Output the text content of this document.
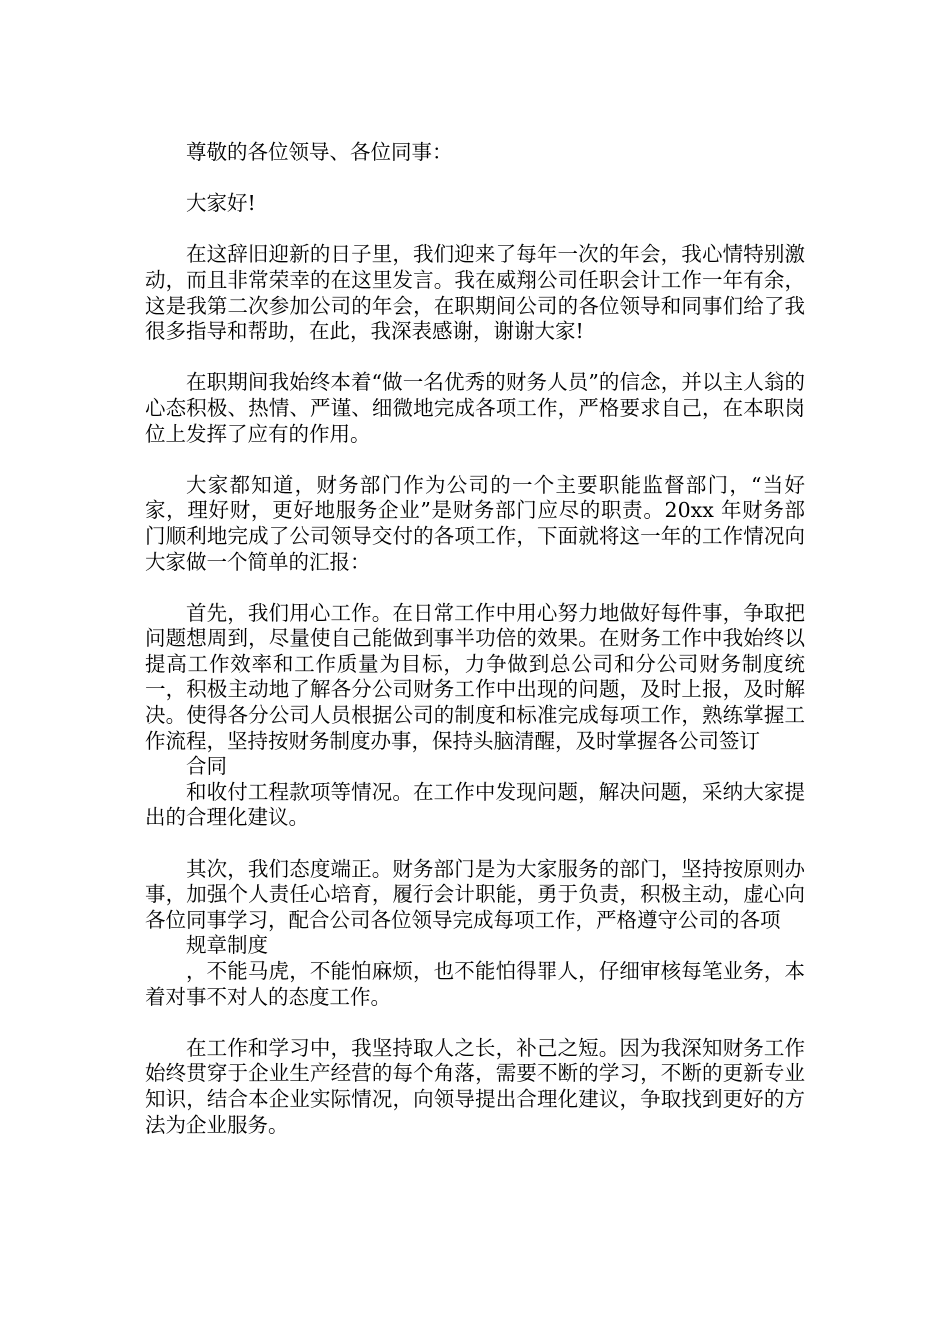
尊敬的各位领导、各位同事：

大家好!

在这辞旧迎新的日子里，我们迎来了每年一次的年会，我心情特别激动，而且非常荣幸的在这里发言。我在威翔公司任职会计工作一年有余，这是我第二次参加公司的年会，在职期间公司的各位领导和同事们给了我很多指导和帮助，在此，我深表感谢，谢谢大家!

在职期间我始终本着“做一名优秀的财务人员”的信念，并以主人翁的心态积极、热情、严谨、细微地完成各项工作，严格要求自己，在本职岗位上发挥了应有的作用。

大家都知道，财务部门作为公司的一个主要职能监督部门，“当好家，理好财，更好地服务企业”是财务部门应尽的职责。20xx 年财务部门顺利地完成了公司领导交付的各项工作，下面就将这一年的工作情况向大家做一个简单的汇报：

首先，我们用心工作。在日常工作中用心努力地做好每件事，争取把问题想周到，尽量使自己能做到事半功倍的效果。在财务工作中我始终以提高工作效率和工作质量为目标，力争做到总公司和分公司财务制度统一，积极主动地了解各分公司财务工作中出现的问题，及时上报，及时解决。使得各分公司人员根据公司的制度和标准完成每项工作，熟练掌握工作流程，坚持按财务制度办事，保持头脑清醒，及时掌握各公司签订

合同

和收付工程款项等情况。在工作中发现问题，解决问题，采纳大家提出的合理化建议。

其次，我们态度端正。财务部门是为大家服务的部门，坚持按原则办事，加强个人责任心培育，履行会计职能，勇于负责，积极主动，虚心向各位同事学习，配合公司各位领导完成每项工作，严格遵守公司的各项

规章制度

，不能马虎，不能怕麻烦，也不能怕得罪人，仔细审核每笔业务，本着对事不对人的态度工作。

在工作和学习中，我坚持取人之长，补己之短。因为我深知财务工作始终贯穿于企业生产经营的每个角落，需要不断的学习，不断的更新专业知识，结合本企业实际情况，向领导提出合理化建议，争取找到更好的方法为企业服务。
